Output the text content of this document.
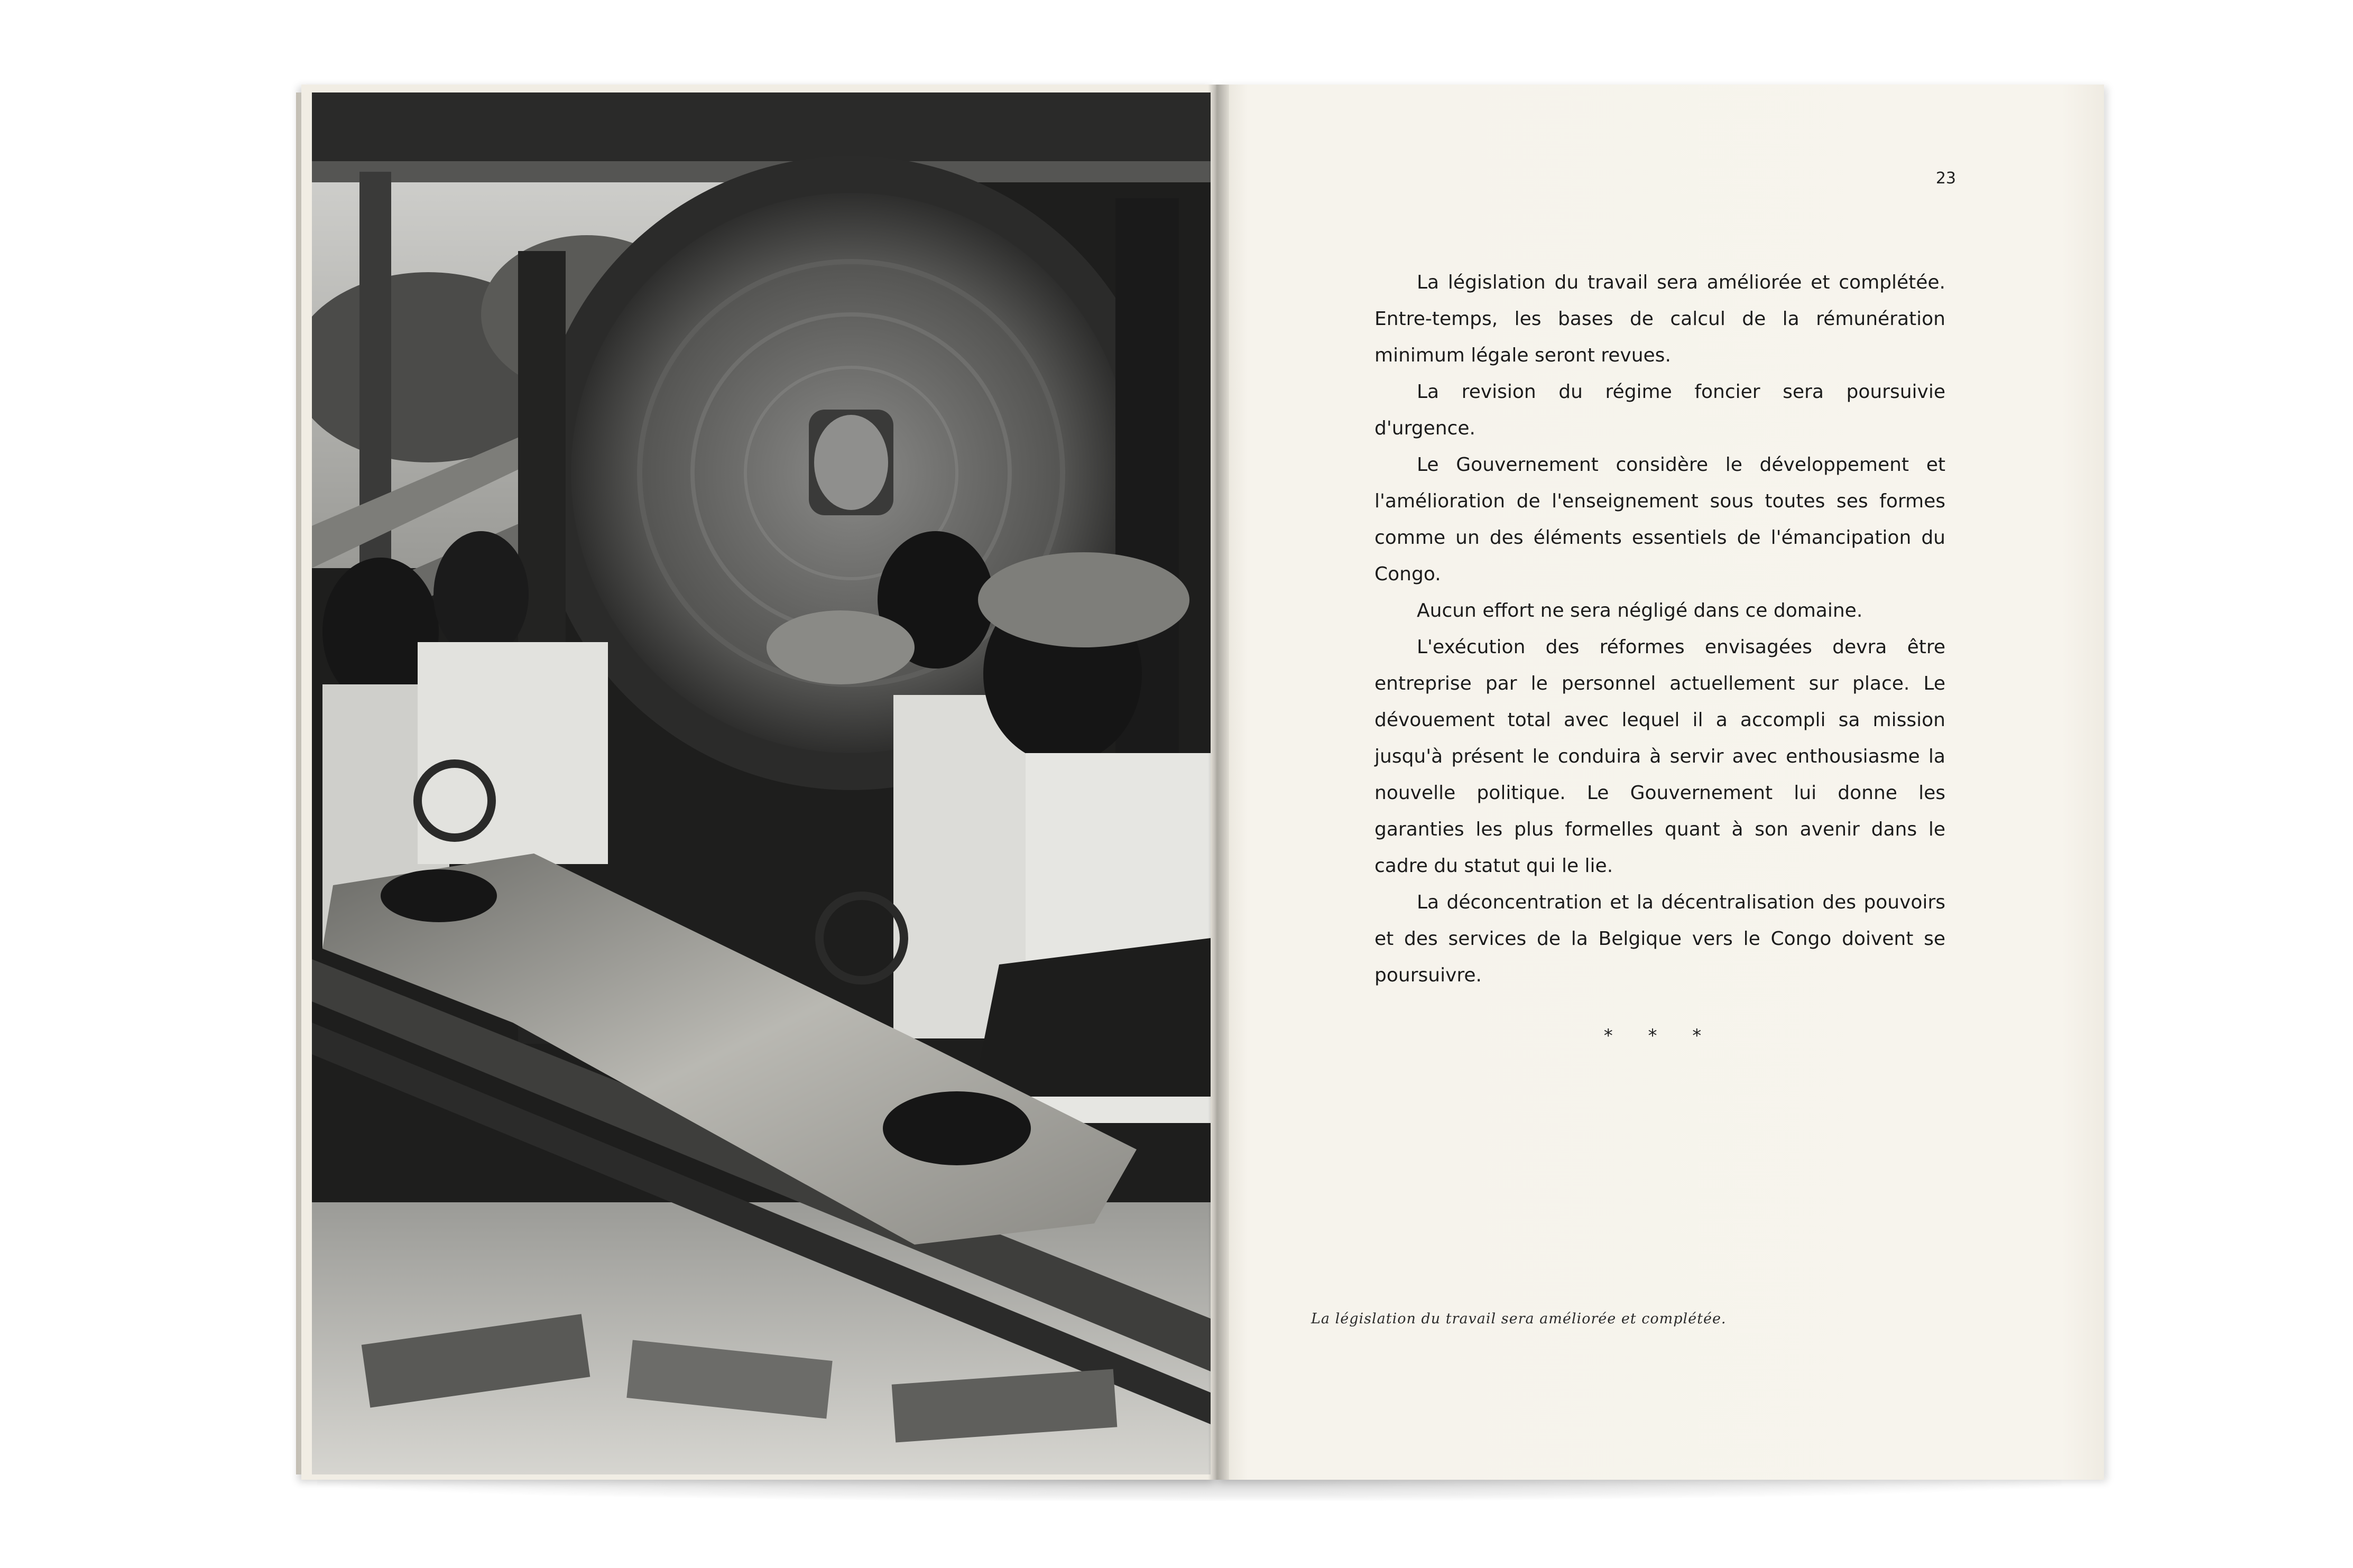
23

La législation du travail sera améliorée et complétée. Entre-temps, les bases de calcul de la rémunération minimum légale seront revues.

La revision du régime foncier sera poursuivie d'urgence.

Le Gouvernement considère le développement et l'amélioration de l'enseignement sous toutes ses formes comme un des éléments essentiels de l'émancipation du Congo.

Aucun effort ne sera négligé dans ce domaine.

L'exécution des réformes envisagées devra être entreprise par le personnel actuellement sur place. Le dévouement total avec lequel il a accompli sa mission jusqu'à présent le conduira à servir avec enthousiasme la nouvelle politique. Le Gouvernement lui donne les garanties les plus formelles quant à son avenir dans le cadre du statut qui le lie.

La déconcentration et la décentralisation des pouvoirs et des services de la Belgique vers le Congo doivent se poursuivre.

* * *
La législation du travail sera améliorée et complétée.
